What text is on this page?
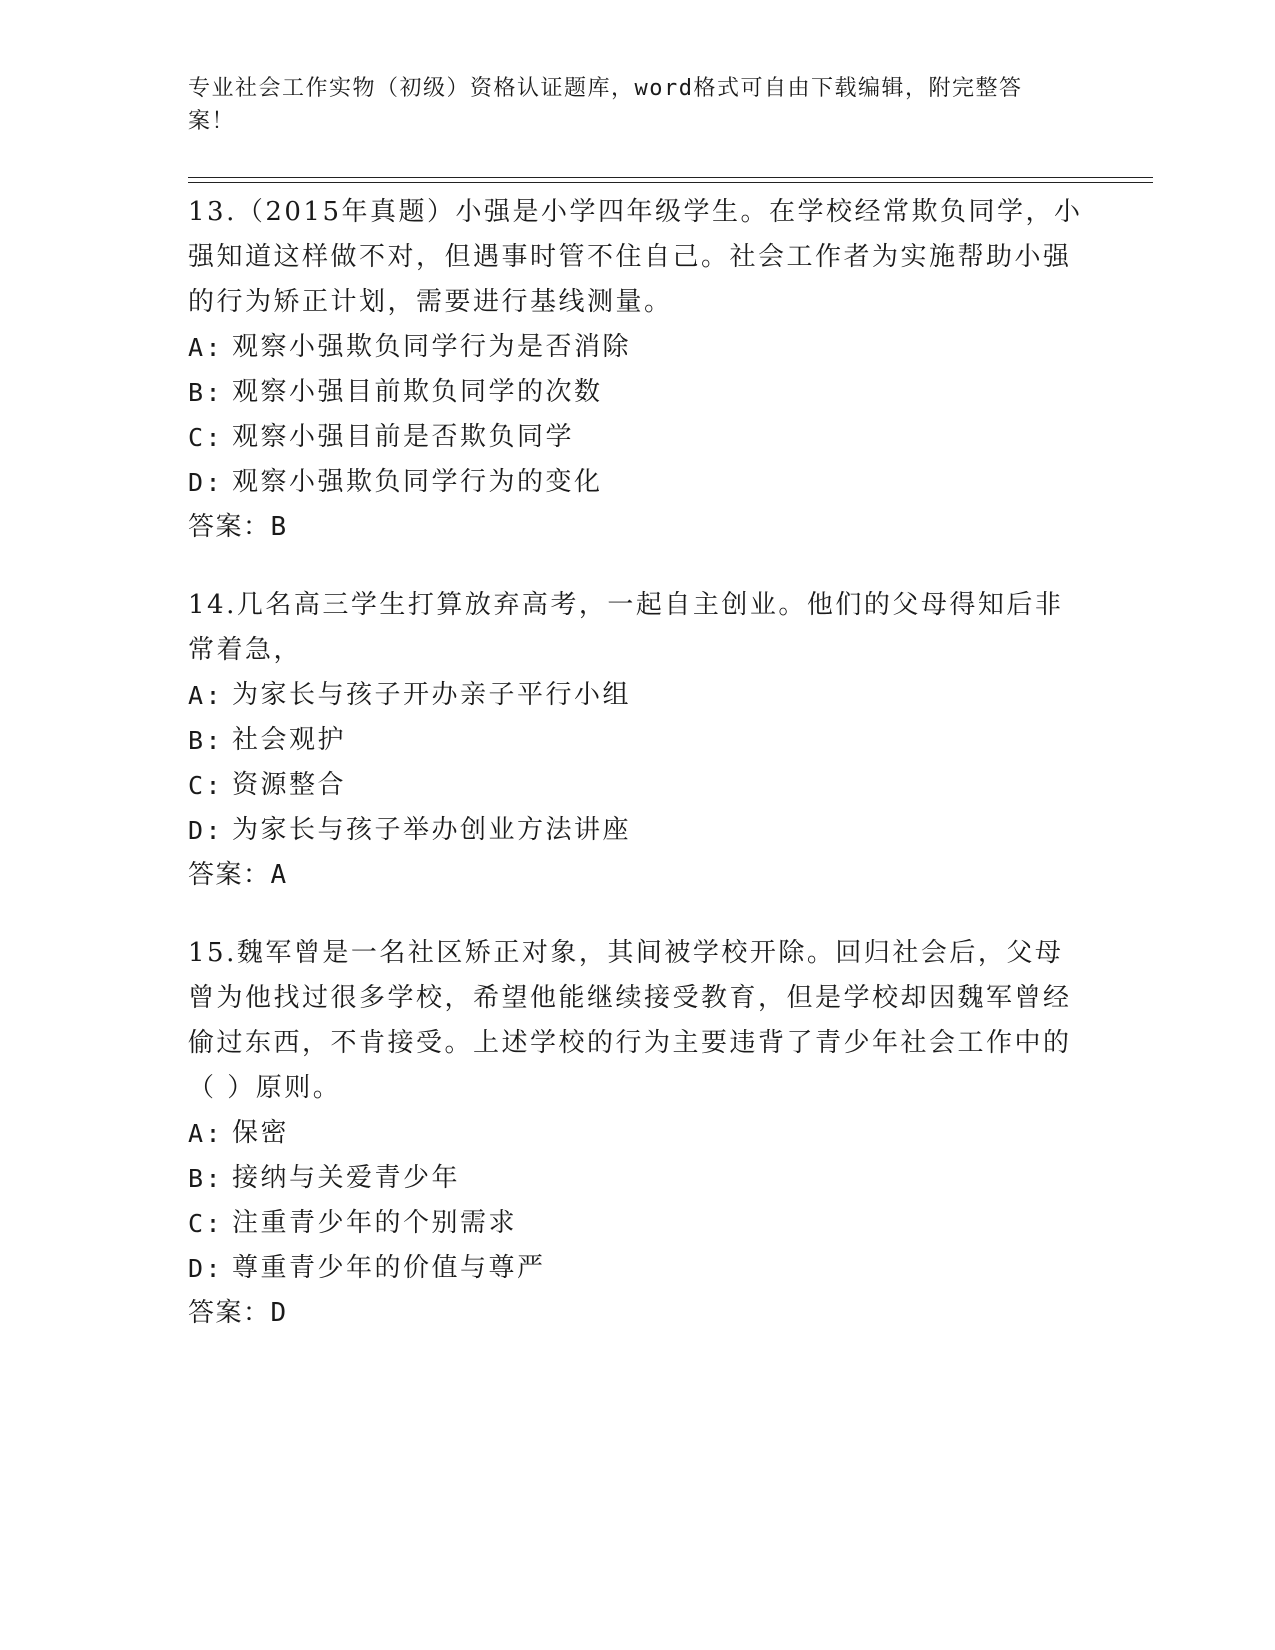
专业社会工作实物（初级）资格认证题库，word格式可自由下载编辑，附完整答案！

13.（2015年真题）小强是小学四年级学生。在学校经常欺负同学，小强知道这样做不对，但遇事时管不住自己。社会工作者为实施帮助小强的行为矫正计划，需要进行基线测量。

A: 观察小强欺负同学行为是否消除
B: 观察小强目前欺负同学的次数
C: 观察小强目前是否欺负同学
D: 观察小强欺负同学行为的变化

答案：B

14.几名高三学生打算放弃高考，一起自主创业。他们的父母得知后非常着急，

A: 为家长与孩子开办亲子平行小组
B: 社会观护
C: 资源整合
D: 为家长与孩子举办创业方法讲座

答案：A

15.魏军曾是一名社区矫正对象，其间被学校开除。回归社会后，父母曾为他找过很多学校，希望他能继续接受教育，但是学校却因魏军曾经偷过东西，不肯接受。上述学校的行为主要违背了青少年社会工作中的（ ）原则。

A: 保密
B: 接纳与关爱青少年
C: 注重青少年的个别需求
D: 尊重青少年的价值与尊严

答案：D
